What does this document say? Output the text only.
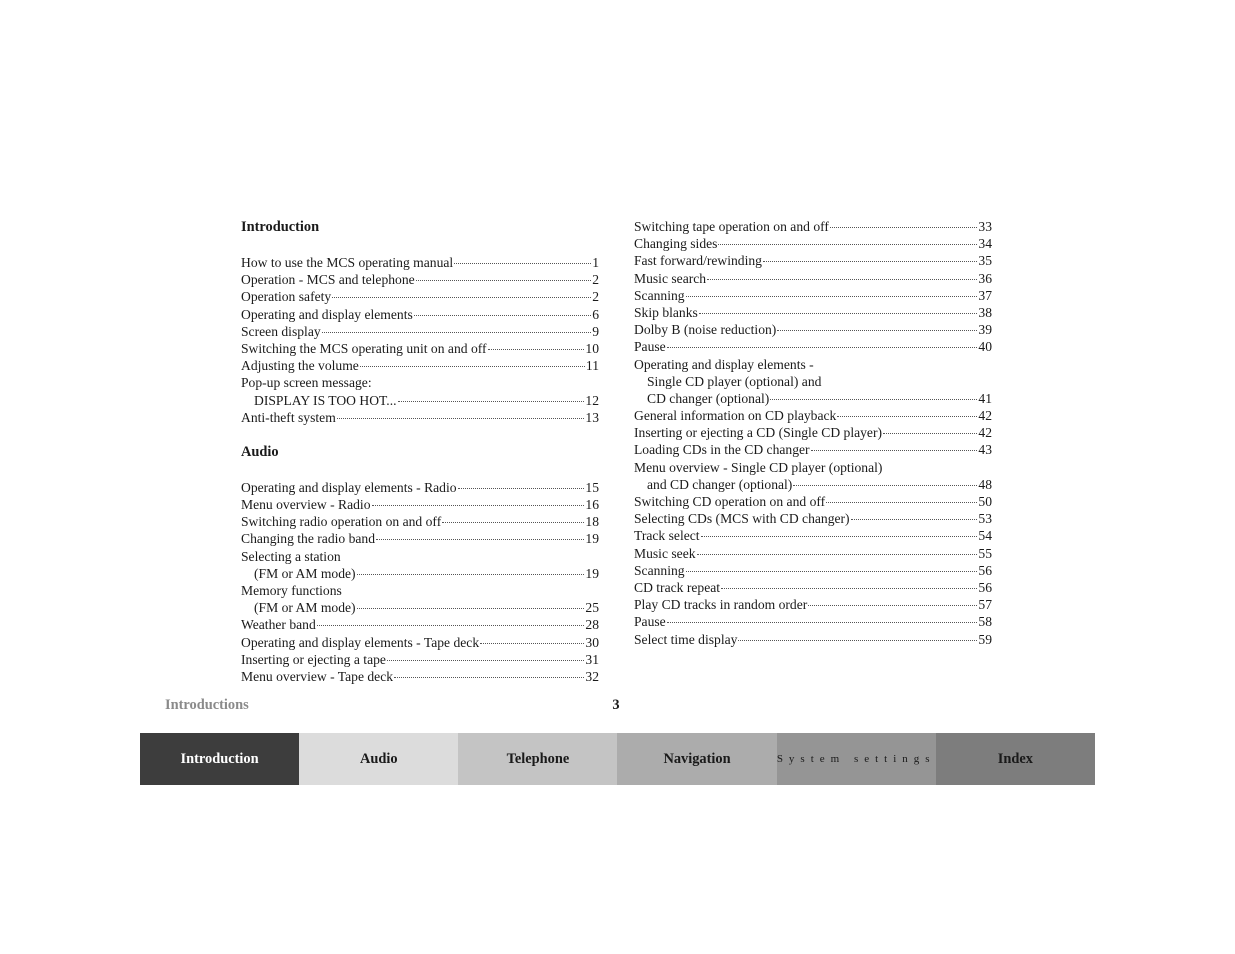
Introduction
How to use the MCS operating manual	1
Operation - MCS and telephone	2
Operation safety	2
Operating and display elements	6
Screen display	9
Switching the MCS operating unit on and off	10
Adjusting the volume	11
Pop-up screen message:
DISPLAY IS TOO HOT...	12
Anti-theft system	13
Audio
Operating and display elements - Radio	15
Menu overview - Radio	16
Switching radio operation on and off	18
Changing the radio band	19
Selecting a station
(FM or AM mode)	19
Memory functions
(FM or AM mode)	25
Weather band	28
Operating and display elements - Tape deck	30
Inserting or ejecting a tape	31
Menu overview - Tape deck	32
Switching tape operation on and off	33
Changing sides	34
Fast forward/rewinding	35
Music search	36
Scanning	37
Skip blanks	38
Dolby B (noise reduction)	39
Pause	40
Operating and display elements -
Single CD player (optional) and
CD changer (optional)	41
General information on CD playback	42
Inserting or ejecting a CD (Single CD player)	42
Loading CDs in the CD changer	43
Menu overview - Single CD player (optional)
and CD changer (optional)	48
Switching CD operation on and off	50
Selecting CDs (MCS with CD changer)	53
Track select	54
Music seek	55
Scanning	56
CD track repeat	56
Play CD tracks in random order	57
Pause	58
Select time display	59
Introductions	3
Introduction	Audio	Telephone	Navigation	System settings	Index
